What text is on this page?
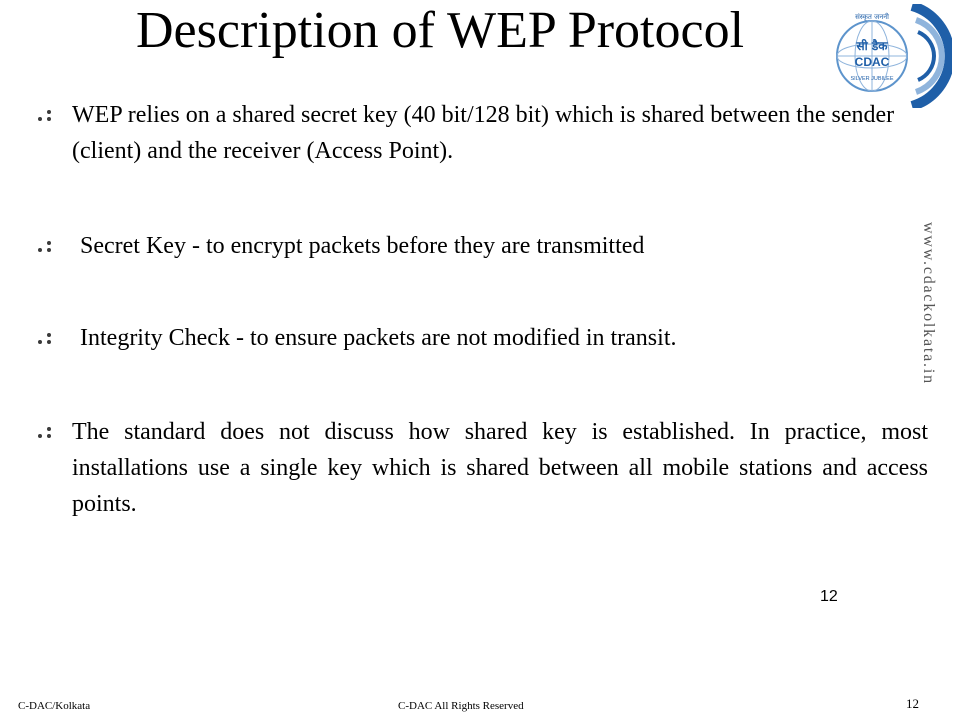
Description of WEP Protocol	संस्कृत जननी
सी डैक
CDAC
SILVER JUBILEE
WEP relies on a shared secret key (40 bit/128 bit) which is shared between the sender (client) and the receiver (Access Point).
Secret Key - to encrypt packets before they are transmitted
Integrity Check - to ensure packets are not modified in transit.
The standard does not discuss how shared key is established. In practice, most installations use a single key which is shared between all mobile stations and access points.
www.cdackolkata.in
12
C-DAC/Kolkata	C-DAC All Rights Reserved	12
